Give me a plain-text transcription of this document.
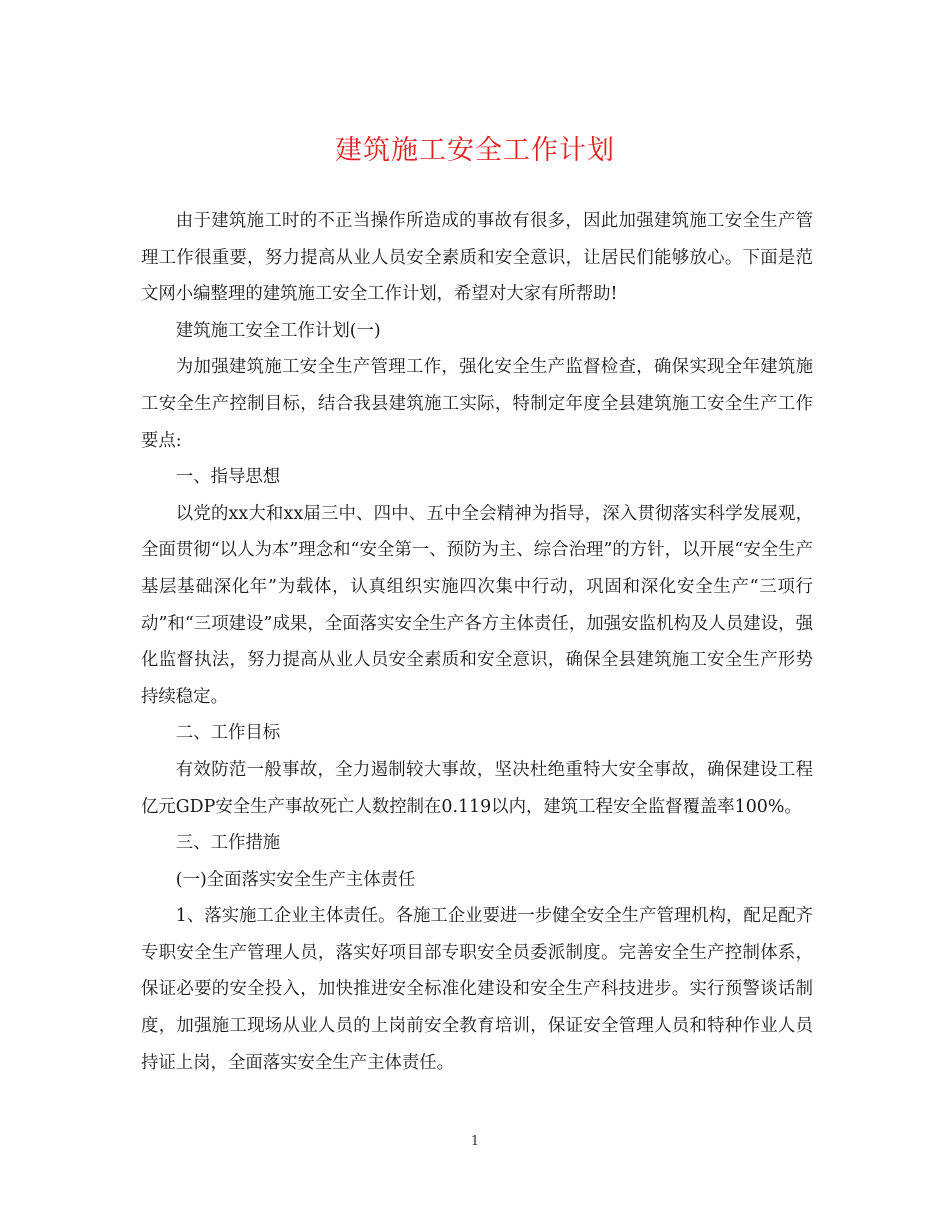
建筑施工安全工作计划

由于建筑施工时的不正当操作所造成的事故有很多，因此加强建筑施工安全生产管理工作很重要，努力提高从业人员安全素质和安全意识，让居民们能够放心。下面是范文网小编整理的建筑施工安全工作计划，希望对大家有所帮助!

建筑施工安全工作计划(一)

为加强建筑施工安全生产管理工作，强化安全生产监督检查，确保实现全年建筑施工安全生产控制目标，结合我县建筑施工实际，特制定年度全县建筑施工安全生产工作要点:

一、指导思想

以党的xx大和xx届三中、四中、五中全会精神为指导，深入贯彻落实科学发展观，全面贯彻“以人为本”理念和“安全第一、预防为主、综合治理”的方针，以开展“安全生产基层基础深化年”为载体，认真组织实施四次集中行动，巩固和深化安全生产“三项行动”和“三项建设”成果，全面落实安全生产各方主体责任，加强安监机构及人员建设，强化监督执法，努力提高从业人员安全素质和安全意识，确保全县建筑施工安全生产形势持续稳定。

二、工作目标

有效防范一般事故，全力遏制较大事故，坚决杜绝重特大安全事故，确保建设工程亿元GDP安全生产事故死亡人数控制在0.119以内，建筑工程安全监督覆盖率100%。

三、工作措施

(一)全面落实安全生产主体责任

1、落实施工企业主体责任。各施工企业要进一步健全安全生产管理机构，配足配齐专职安全生产管理人员，落实好项目部专职安全员委派制度。完善安全生产控制体系，保证必要的安全投入，加快推进安全标准化建设和安全生产科技进步。实行预警谈话制度，加强施工现场从业人员的上岗前安全教育培训，保证安全管理人员和特种作业人员持证上岗，全面落实安全生产主体责任。

1
